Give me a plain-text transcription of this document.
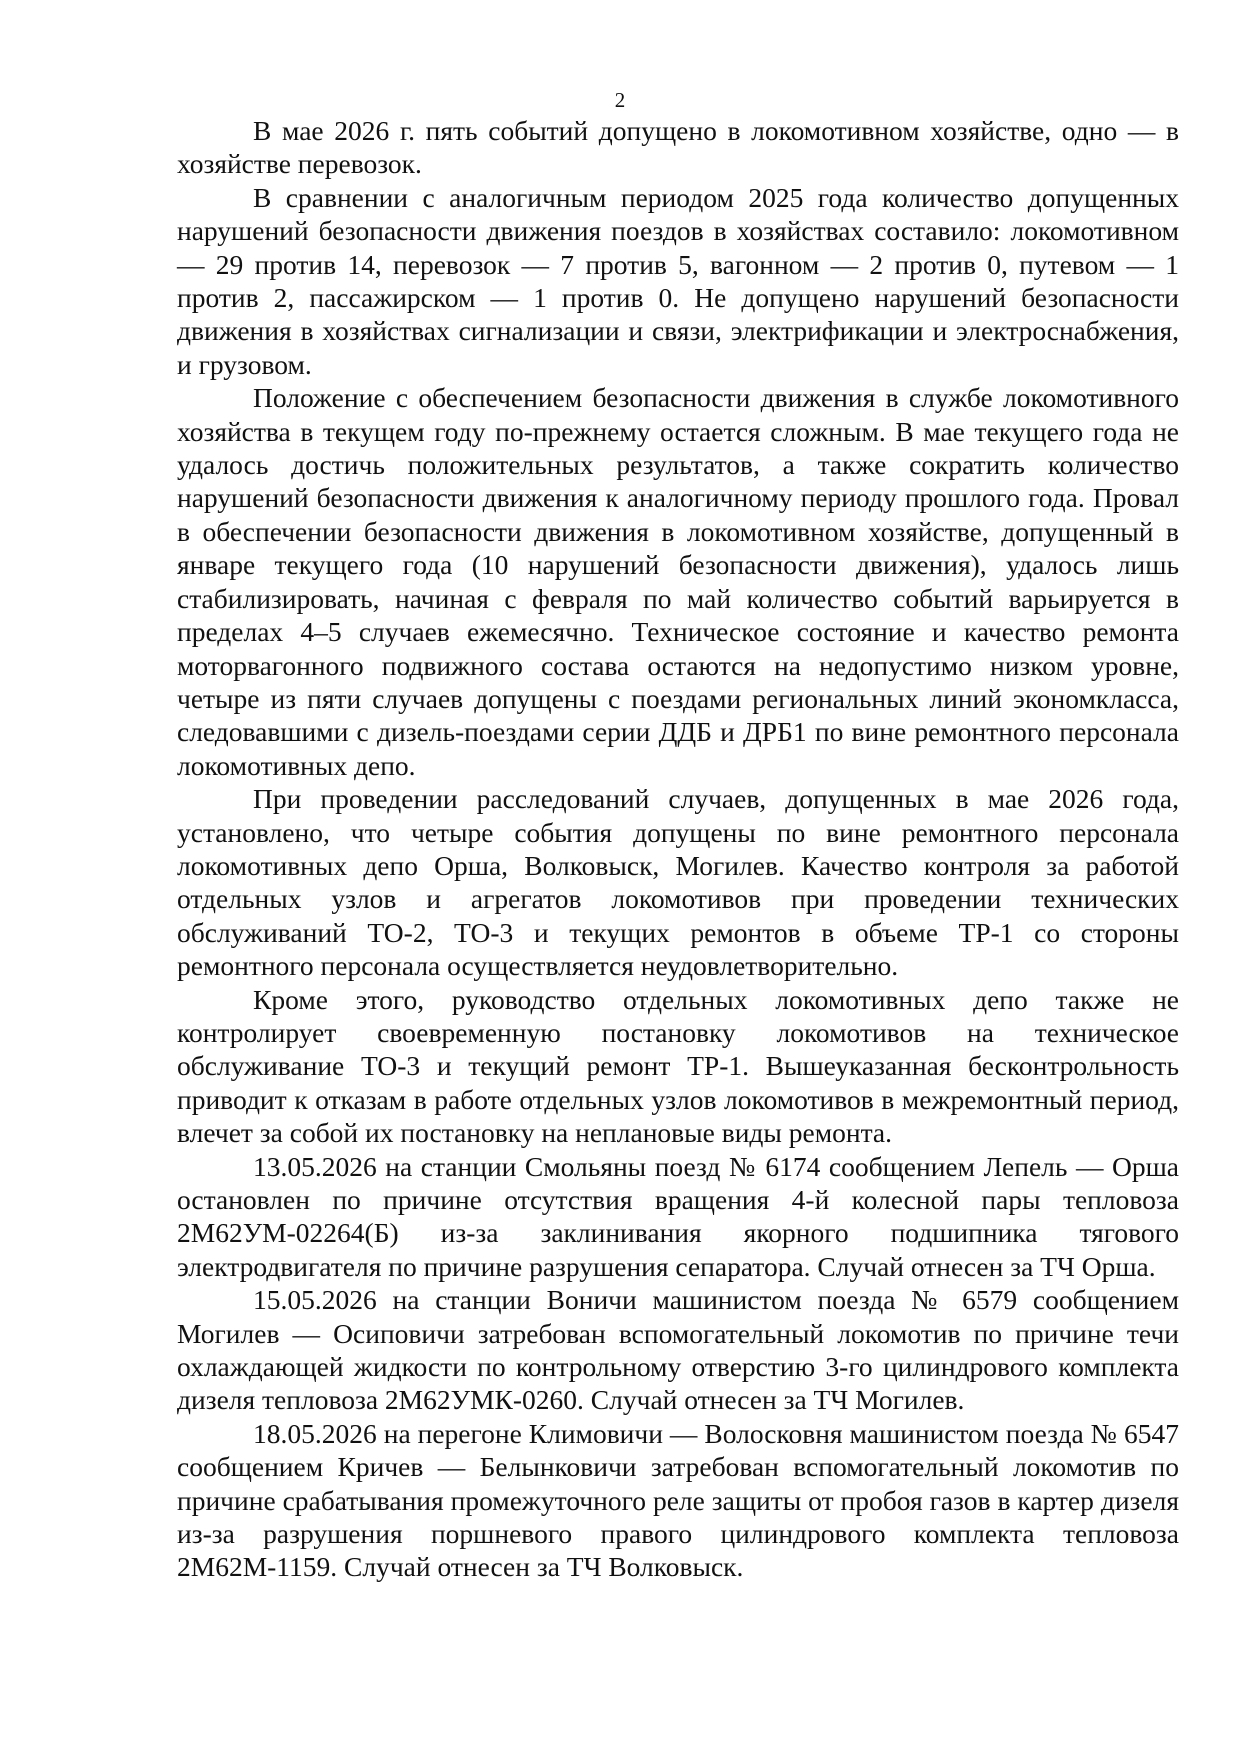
2

В мае 2026 г. пять событий допущено в локомотивном хозяйстве, одно — в хозяйстве перевозок.

В сравнении с аналогичным периодом 2025 года количество допущенных нарушений безопасности движения поездов в хозяйствах составило: локомотивном — 29 против 14, перевозок — 7 против 5, вагонном — 2 против 0, путевом — 1 против 2, пассажирском — 1 против 0. Не допущено нарушений безопасности движения в хозяйствах сигнализации и связи, электрификации и электроснабжения, и грузовом.

Положение с обеспечением безопасности движения в службе локомотивного хозяйства в текущем году по-прежнему остается сложным. В мае текущего года не удалось достичь положительных результатов, а также сократить количество нарушений безопасности движения к аналогичному периоду прошлого года. Провал в обеспечении безопасности движения в локомотивном хозяйстве, допущенный в январе текущего года (10 нарушений безопасности движения), удалось лишь стабилизировать, начиная с февраля по май количество событий варьируется в пределах 4–5 случаев ежемесячно. Техническое состояние и качество ремонта моторвагонного подвижного состава остаются на недопустимо низком уровне, четыре из пяти случаев допущены с поездами региональных линий экономкласса, следовавшими с дизель-поездами серии ДДБ и ДРБ1 по вине ремонтного персонала локомотивных депо.

При проведении расследований случаев, допущенных в мае 2026 года, установлено, что четыре события допущены по вине ремонтного персонала локомотивных депо Орша, Волковыск, Могилев. Качество контроля за работой отдельных узлов и агрегатов локомотивов при проведении технических обслуживаний ТО-2, ТО-3 и текущих ремонтов в объеме ТР-1 со стороны ремонтного персонала осуществляется неудовлетворительно.

Кроме этого, руководство отдельных локомотивных депо также не контролирует своевременную постановку локомотивов на техническое обслуживание ТО-3 и текущий ремонт ТР-1. Вышеуказанная бесконтрольность приводит к отказам в работе отдельных узлов локомотивов в межремонтный период, влечет за собой их постановку на неплановые виды ремонта.

13.05.2026 на станции Смольяны поезд № 6174 сообщением Лепель — Орша остановлен по причине отсутствия вращения 4-й колесной пары тепловоза 2М62УМ-02264(Б) из-за заклинивания якорного подшипника тягового электродвигателя по причине разрушения сепаратора. Случай отнесен за ТЧ Орша.

15.05.2026 на станции Воничи машинистом поезда № 6579 сообщением Могилев — Осиповичи затребован вспомогательный локомотив по причине течи охлаждающей жидкости по контрольному отверстию 3-го цилиндрового комплекта дизеля тепловоза 2М62УМК-0260. Случай отнесен за ТЧ Могилев.

18.05.2026 на перегоне Климовичи — Волосковня машинистом поезда № 6547 сообщением Кричев — Белынковичи затребован вспомогательный локомотив по причине срабатывания промежуточного реле защиты от пробоя газов в картер дизеля из-за разрушения поршневого правого цилиндрового комплекта тепловоза 2М62М-1159. Случай отнесен за ТЧ Волковыск.
